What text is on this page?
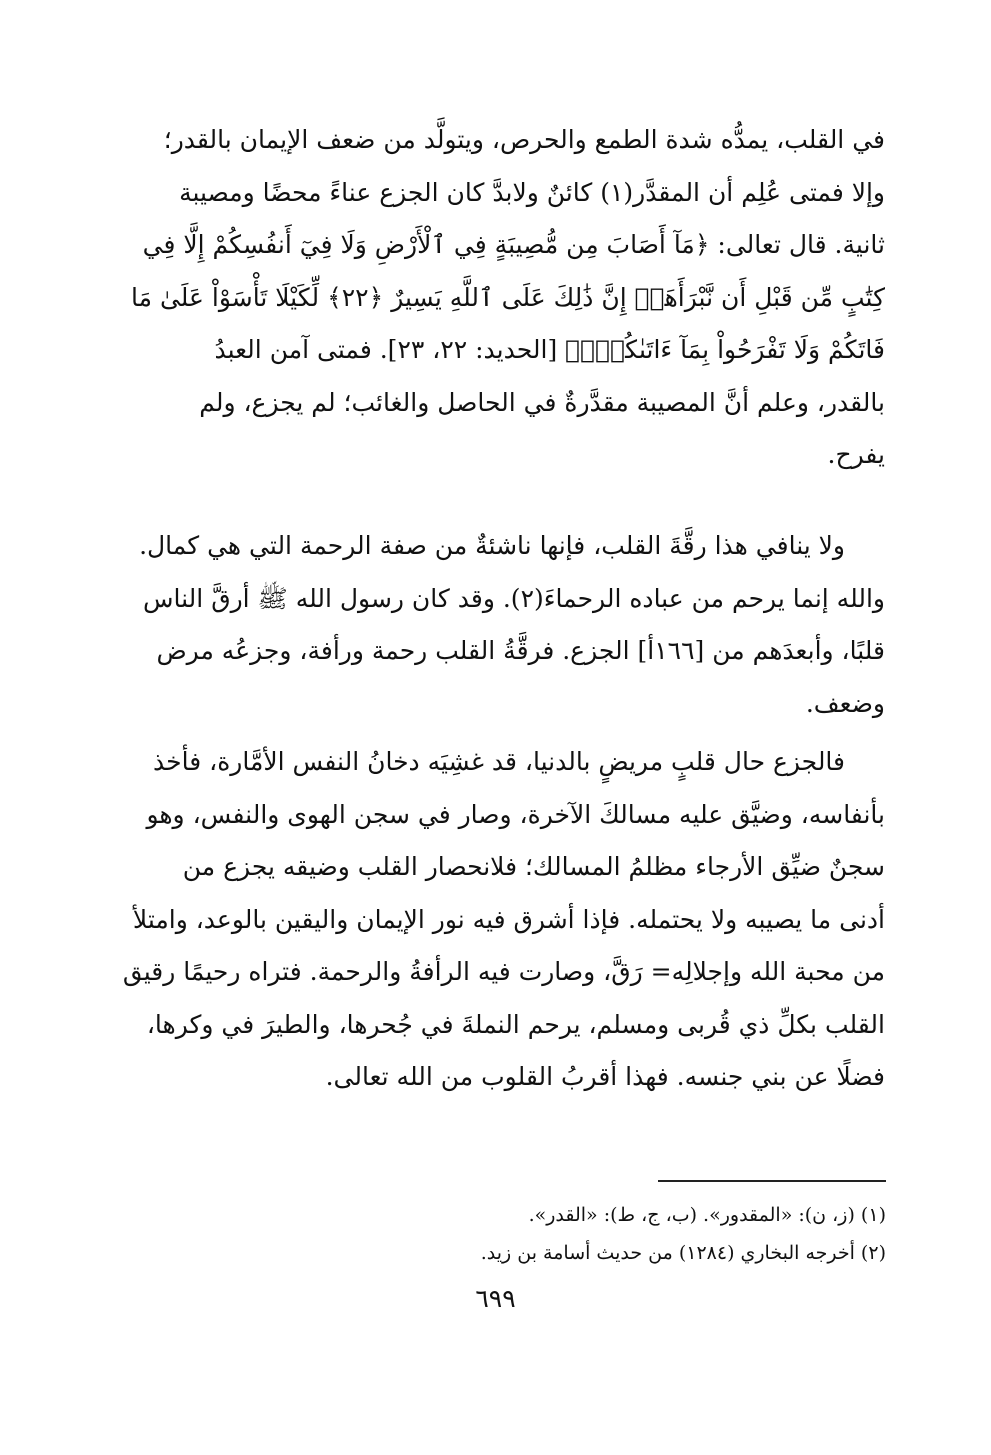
في القلب، يمدُّه شدة الطمع والحرص، ويتولَّد من ضعف الإيمان بالقدر؛
وإلا فمتى عُلِم أن المقدَّر(١) كائنٌ ولابدَّ كان الجزع عناءً محضًا ومصيبة
ثانية. قال تعالى: ﴿مَآ أَصَابَ مِن مُّصِيبَةٍ فِي ٱلْأَرْضِ وَلَا فِيٓ أَنفُسِكُمْ إِلَّا فِي
كِتَٰبٍ مِّن قَبْلِ أَن نَّبْرَأَهَآۚ إِنَّ ذَٰلِكَ عَلَى ٱللَّهِ يَسِيرٌ ﴿٢٢﴾ لِّكَيْلَا تَأْسَوْاْ عَلَىٰ مَا
فَاتَكُمْ وَلَا تَفْرَحُواْ بِمَآ ءَاتَىٰكُمْۗ﴾ [الحديد: ٢٢، ٢٣]. فمتى آمن العبدُ
بالقدر، وعلم أنَّ المصيبة مقدَّرةٌ في الحاصل والغائب؛ لم يجزع، ولم
يفرح.
ولا ينافي هذا رقَّةَ القلب، فإنها ناشئةٌ من صفة الرحمة التي هي كمال.
والله إنما يرحم من عباده الرحماءَ(٢). وقد كان رسول الله ﷺ أرقَّ الناس
قلبًا، وأبعدَهم من [١٦٦أ] الجزع. فرقَّةُ القلب رحمة ورأفة، وجزعُه مرض
وضعف.
فالجزع حال قلبٍ مريضٍ بالدنيا، قد غشِيَه دخانُ النفس الأمَّارة، فأخذ
بأنفاسه، وضيَّق عليه مسالكَ الآخرة، وصار في سجن الهوى والنفس، وهو
سجنٌ ضيِّق الأرجاء مظلمُ المسالك؛ فلانحصار القلب وضيقه يجزع من
أدنى ما يصيبه ولا يحتمله. فإذا أشرق فيه نور الإيمان واليقين بالوعد، وامتلأ
من محبة الله وإجلالِه= رَقَّ، وصارت فيه الرأفةُ والرحمة. فتراه رحيمًا رقيق
القلب بكلِّ ذي قُربى ومسلم، يرحم النملةَ في جُحرها، والطيرَ في وكرها،
فضلًا عن بني جنسه. فهذا أقربُ القلوب من الله تعالى.
(١) (ز، ن): «المقدور». (ب، ج، ط): «القدر».
(٢) أخرجه البخاري (١٢٨٤) من حديث أسامة بن زيد.
٦٩٩
